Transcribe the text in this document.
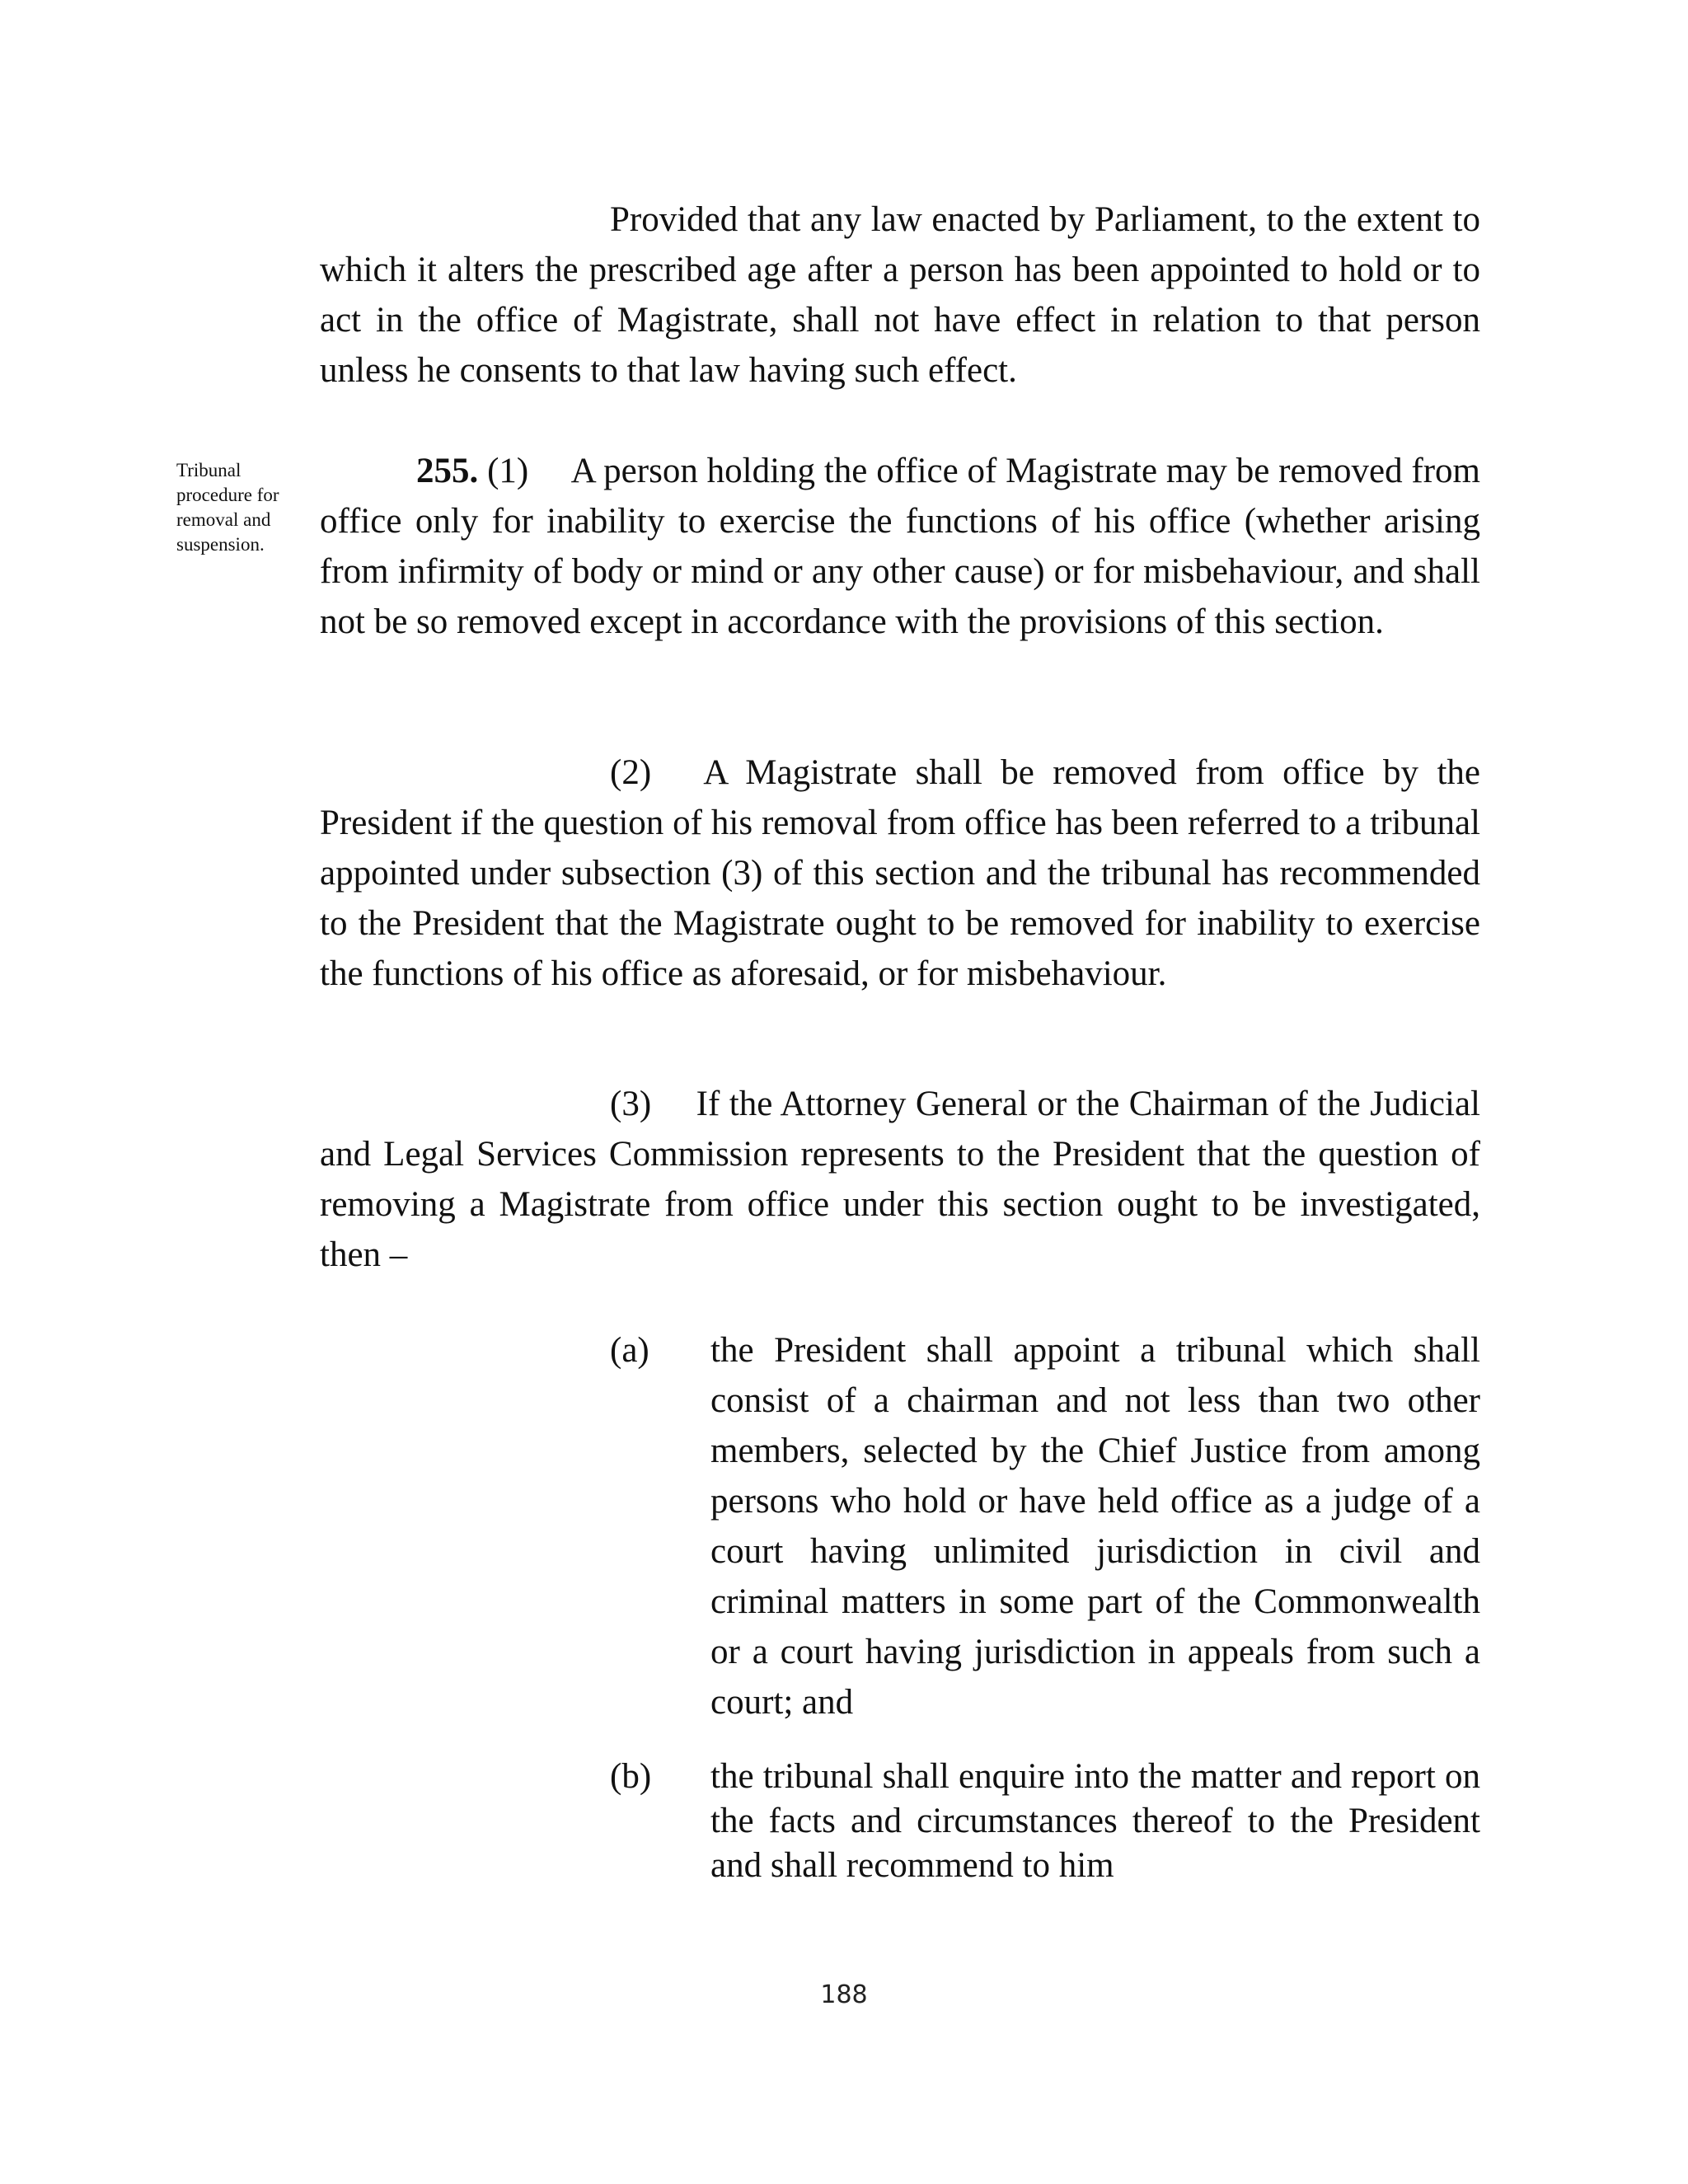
Provided that any law enacted by Parliament, to the extent to which it alters the prescribed age after a person has been appointed to hold or to act in the office of Magistrate, shall not have effect in relation to that person unless he consents to that law having such effect.

Tribunal
procedure for
removal and
suspension.

255. (1)  A person holding the office of Magistrate may be removed from office only for inability to exercise the functions of his office (whether arising from infirmity of body or mind or any other cause) or for misbehaviour, and shall not be so removed except in accordance with the provisions of this section.

(2)  A Magistrate shall be removed from office by the President if the question of his removal from office has been referred to a tribunal appointed under subsection (3) of this section and the tribunal has recommended to the President that the Magistrate ought to be removed for inability to exercise the functions of his office as aforesaid, or for misbehaviour.

(3)  If the Attorney General or the Chairman of the Judicial and Legal Services Commission represents to the President that the question of removing a Magistrate from office under this section ought to be investigated, then –

(a) the President shall appoint a tribunal which shall consist of a chairman and not less than two other members, selected by the Chief Justice from among persons who hold or have held office as a judge of a court having unlimited jurisdiction in civil and criminal matters in some part of the Commonwealth or a court having jurisdiction in appeals from such a court; and

(b) the tribunal shall enquire into the matter and report on the facts and circumstances thereof to the President and shall recommend to him

188
